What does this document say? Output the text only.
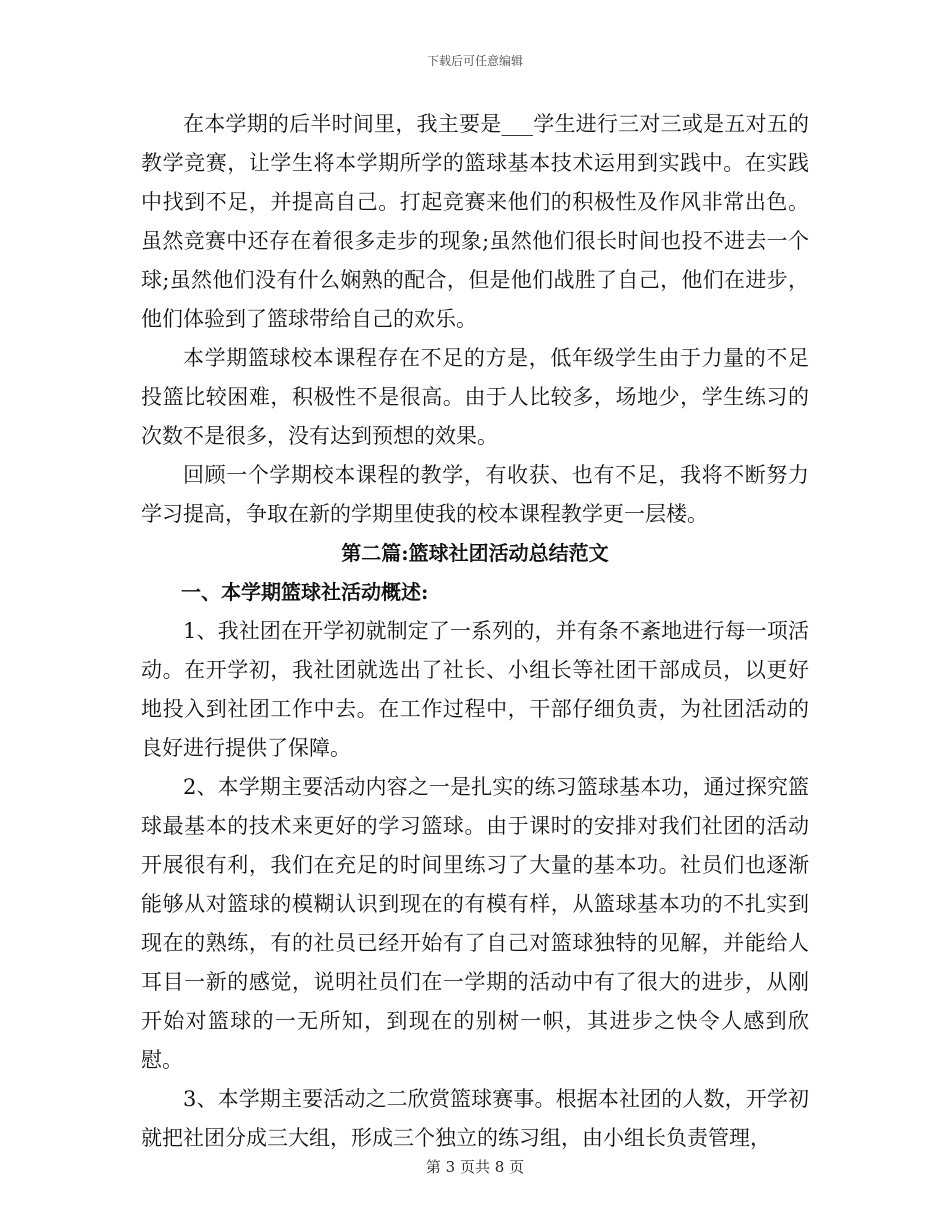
下载后可任意编辑

在本学期的后半时间里，我主要是___学生进行三对三或是五对五的教学竞赛，让学生将本学期所学的篮球基本技术运用到实践中。在实践中找到不足，并提高自己。打起竞赛来他们的积极性及作风非常出色。虽然竞赛中还存在着很多走步的现象;虽然他们很长时间也投不进去一个球;虽然他们没有什么娴熟的配合，但是他们战胜了自己，他们在进步，他们体验到了篮球带给自己的欢乐。

本学期篮球校本课程存在不足的方是，低年级学生由于力量的不足投篮比较困难，积极性不是很高。由于人比较多，场地少，学生练习的次数不是很多，没有达到预想的效果。

回顾一个学期校本课程的教学，有收获、也有不足，我将不断努力学习提高，争取在新的学期里使我的校本课程教学更一层楼。

第二篇:篮球社团活动总结范文

一、本学期篮球社活动概述:

1、我社团在开学初就制定了一系列的，并有条不紊地进行每一项活动。在开学初，我社团就选出了社长、小组长等社团干部成员，以更好地投入到社团工作中去。在工作过程中，干部仔细负责，为社团活动的良好进行提供了保障。

2、本学期主要活动内容之一是扎实的练习篮球基本功，通过探究篮球最基本的技术来更好的学习篮球。由于课时的安排对我们社团的活动开展很有利，我们在充足的时间里练习了大量的基本功。社员们也逐渐能够从对篮球的模糊认识到现在的有模有样，从篮球基本功的不扎实到现在的熟练，有的社员已经开始有了自己对篮球独特的见解，并能给人耳目一新的感觉，说明社员们在一学期的活动中有了很大的进步，从刚开始对篮球的一无所知，到现在的别树一帜，其进步之快令人感到欣慰。

3、本学期主要活动之二欣赏篮球赛事。根据本社团的人数，开学初就把社团分成三大组，形成三个独立的练习组，由小组长负责管理，

第 3 页共 8 页
